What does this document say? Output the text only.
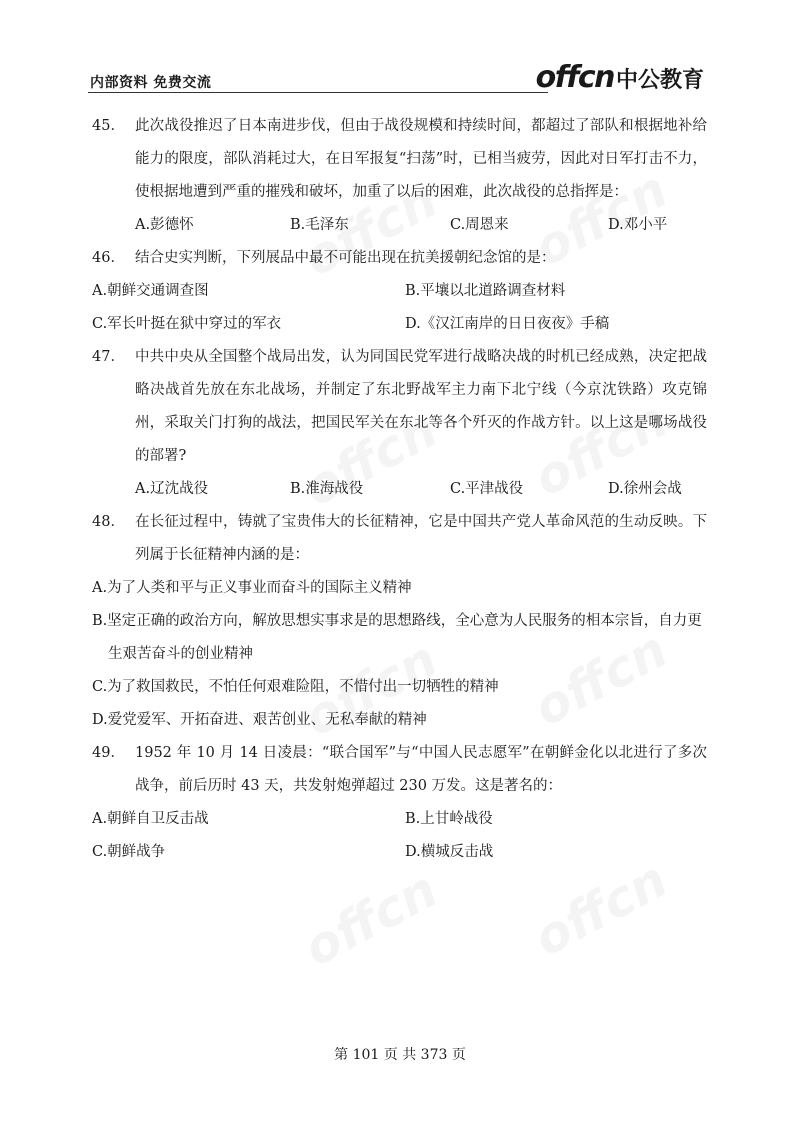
内部资料 免费交流	offcn 中公教育
45． 此次战役推迟了日本南进步伐，但由于战役规模和持续时间，都超过了部队和根据地补给能力的限度，部队消耗过大，在日军报复“扫荡”时，已相当疲劳，因此对日军打击不力，使根据地遭到严重的摧残和破坏，加重了以后的困难，此次战役的总指挥是：
A.彭德怀	B.毛泽东	C.周恩来	D.邓小平
46． 结合史实判断，下列展品中最不可能出现在抗美援朝纪念馆的是：
A.朝鲜交通调查图	B.平壤以北道路调查材料
C.军长叶挺在狱中穿过的军衣	D.《汉江南岸的日日夜夜》手稿
47． 中共中央从全国整个战局出发，认为同国民党军进行战略决战的时机已经成熟，决定把战略决战首先放在东北战场，并制定了东北野战军主力南下北宁线（今京沈铁路）攻克锦州，采取关门打狗的战法，把国民军关在东北等各个歼灭的作战方针。以上这是哪场战役的部署?
A.辽沈战役	B.淮海战役	C.平津战役	D.徐州会战
48． 在长征过程中，铸就了宝贵伟大的长征精神，它是中国共产党人革命风范的生动反映。下列属于长征精神内涵的是：
A.为了人类和平与正义事业而奋斗的国际主义精神
B.坚定正确的政治方向，解放思想实事求是的思想路线，全心意为人民服务的相本宗旨，自力更生艰苦奋斗的创业精神
C.为了救国救民，不怕任何艰难险阻，不惜付出一切牺牲的精神
D.爱党爱军、开拓奋进、艰苦创业、无私奉献的精神
49． 1952 年 10 月 14 日凌晨：“联合国军”与“中国人民志愿军”在朝鲜金化以北进行了多次战争，前后历时 43 天，共发射炮弹超过 230 万发。这是著名的：
A.朝鲜自卫反击战	B.上甘岭战役
C.朝鲜战争	D.横城反击战
第 101 页 共 373 页
